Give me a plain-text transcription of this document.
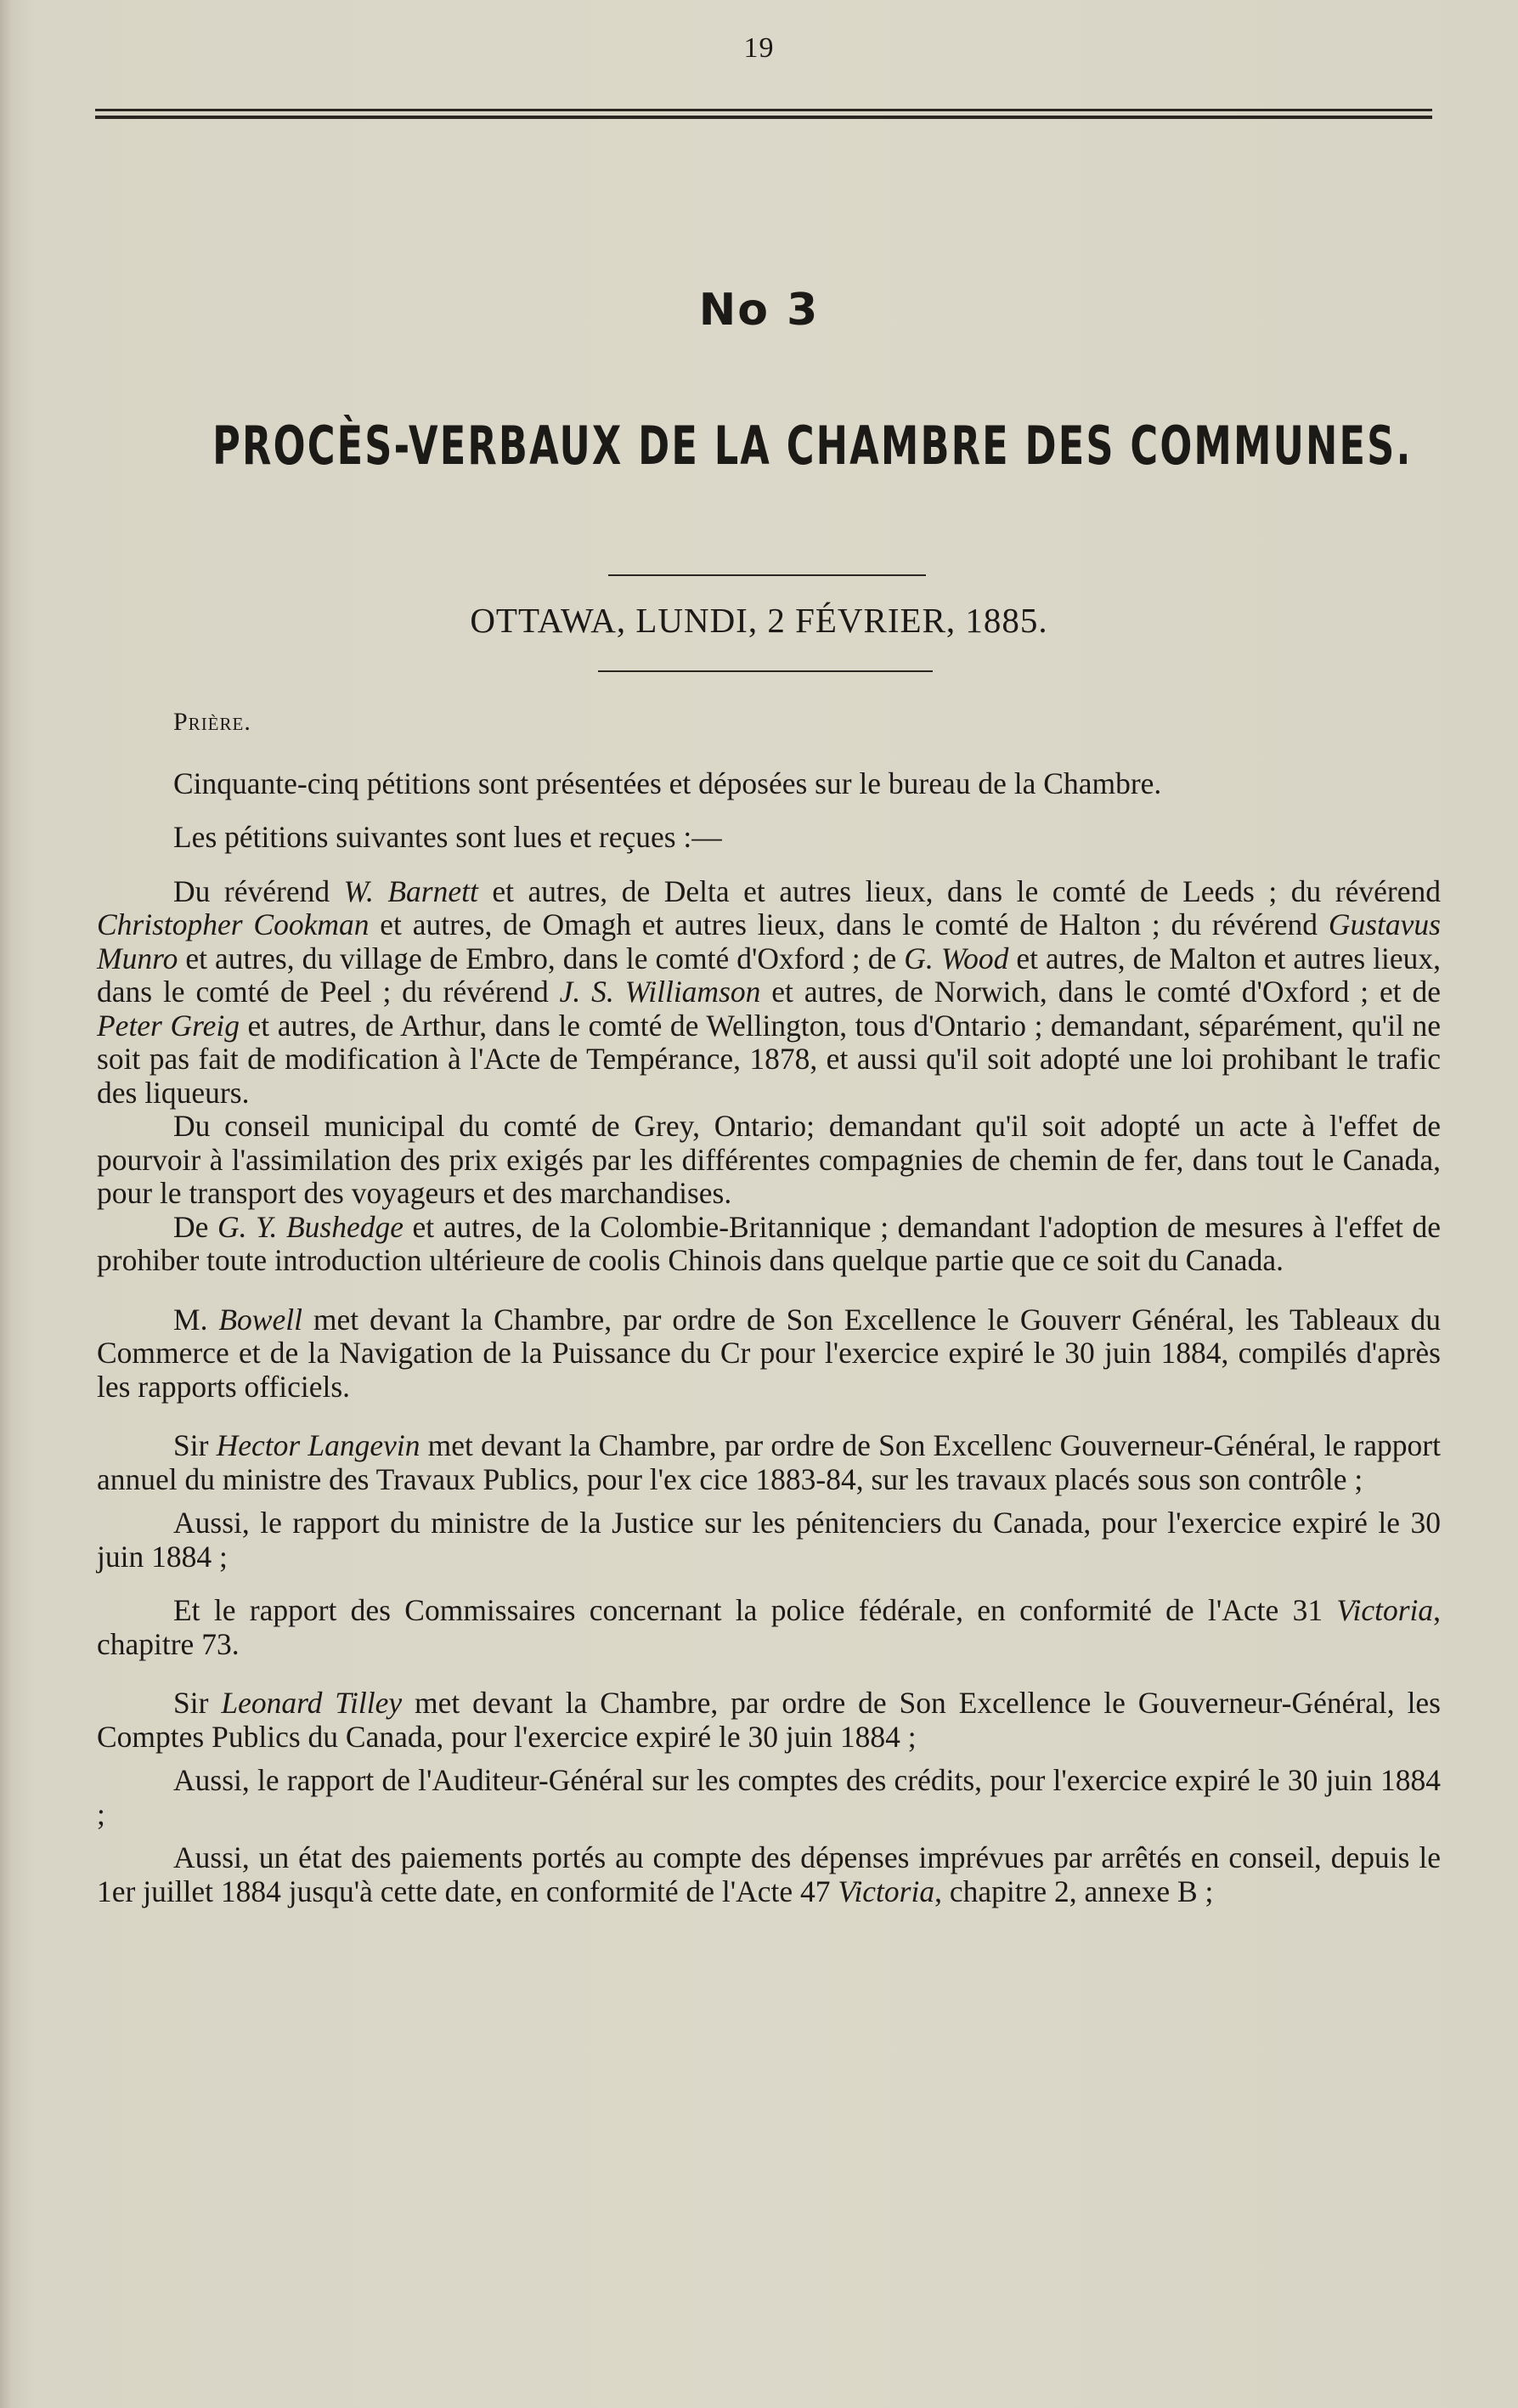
19
No 3
PROCÈS-VERBAUX DE LA CHAMBRE DES COMMUNES.
OTTAWA, LUNDI, 2 FÉVRIER, 1885.

Prière.

Cinquante-cinq pétitions sont présentées et déposées sur le bureau de la Chambre.

Les pétitions suivantes sont lues et reçues :—

Du révérend W. Barnett et autres, de Delta et autres lieux, dans le comté de Leeds ; du révérend Christopher Cookman et autres, de Omagh et autres lieux, dans le comté de Halton ; du révérend Gustavus Munro et autres, du village de Embro, dans le comté d'Oxford ; de G. Wood et autres, de Malton et autres lieux, dans le comté de Peel ; du révérend J. S. Williamson et autres, de Norwich, dans le comté d'Oxford ; et de Peter Greig et autres, de Arthur, dans le comté de Wellington, tous d'Ontario ; demandant, séparément, qu'il ne soit pas fait de modification à l'Acte de Tempérance, 1878, et aussi qu'il soit adopté une loi prohibant le trafic des liqueurs.

Du conseil municipal du comté de Grey, Ontario; demandant qu'il soit adopté un acte à l'effet de pourvoir à l'assimilation des prix exigés par les différentes compagnies de chemin de fer, dans tout le Canada, pour le transport des voyageurs et des marchandises.

De G. Y. Bushedge et autres, de la Colombie-Britannique ; demandant l'adoption de mesures à l'effet de prohiber toute introduction ultérieure de coolis Chinois dans quelque partie que ce soit du Canada.

M. Bowell met devant la Chambre, par ordre de Son Excellence le Gouverr Général, les Tableaux du Commerce et de la Navigation de la Puissance du Cr pour l'exercice expiré le 30 juin 1884, compilés d'après les rapports officiels.

Sir Hector Langevin met devant la Chambre, par ordre de Son Excellenc Gouverneur-Général, le rapport annuel du ministre des Travaux Publics, pour l'ex cice 1883-84, sur les travaux placés sous son contrôle ;

Aussi, le rapport du ministre de la Justice sur les pénitenciers du Canada, pour l'exercice expiré le 30 juin 1884 ;

Et le rapport des Commissaires concernant la police fédérale, en conformité de l'Acte 31 Victoria, chapitre 73.

Sir Leonard Tilley met devant la Chambre, par ordre de Son Excellence le Gouverneur-Général, les Comptes Publics du Canada, pour l'exercice expiré le 30 juin 1884 ;

Aussi, le rapport de l'Auditeur-Général sur les comptes des crédits, pour l'exercice expiré le 30 juin 1884 ;

Aussi, un état des paiements portés au compte des dépenses imprévues par arrêtés en conseil, depuis le 1er juillet 1884 jusqu'à cette date, en conformité de l'Acte 47 Victoria, chapitre 2, annexe B ;
